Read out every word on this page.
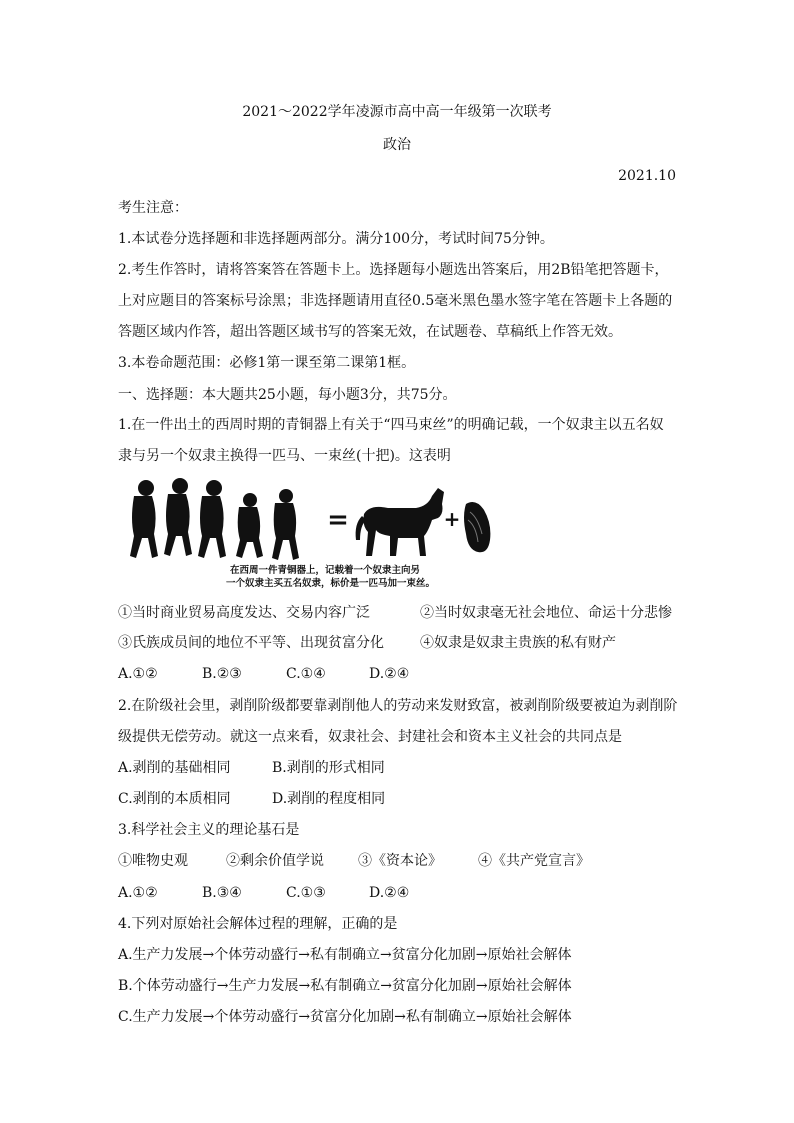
2021～2022学年凌源市高中高一年级第一次联考
政治
2021.10
考生注意：
1.本试卷分选择题和非选择题两部分。满分100分，考试时间75分钟。
2.考生作答时，请将答案答在答题卡上。选择题每小题选出答案后，用2B铅笔把答题卡，
上对应题目的答案标号涂黑；非选择题请用直径0.5毫米黑色墨水签字笔在答题卡上各题的
答题区域内作答，超出答题区域书写的答案无效，在试题卷、草稿纸上作答无效。
3.本卷命题范围：必修1第一课至第二课第1框。
一、选择题：本大题共25小题，每小题3分，共75分。
1.在一件出土的西周时期的青铜器上有关于“四马束丝”的明确记载，一个奴隶主以五名奴
隶与另一个奴隶主换得一匹马、一束丝(十把)。这表明
=	+
在西周一件青铜器上，记载着一个奴隶主向另
一个奴隶主买五名奴隶，标价是一匹马加一束丝。
①当时商业贸易高度发达、交易内容广泛	②当时奴隶毫无社会地位、命运十分悲惨
③氏族成员间的地位不平等、出现贫富分化	④奴隶是奴隶主贵族的私有财产
A.①②	B.②③	C.①④	D.②④
2.在阶级社会里，剥削阶级都要靠剥削他人的劳动来发财致富，被剥削阶级要被迫为剥削阶
级提供无偿劳动。就这一点来看，奴隶社会、封建社会和资本主义社会的共同点是
A.剥削的基础相同	B.剥削的形式相同
C.剥削的本质相同	D.剥削的程度相同
3.科学社会主义的理论基石是
①唯物史观	②剩余价值学说 ③《资本论》	④《共产党宣言》
A.①②	B.③④	C.①③	D.②④
4.下列对原始社会解体过程的理解，正确的是
A.生产力发展→个体劳动盛行→私有制确立→贫富分化加剧→原始社会解体
B.个体劳动盛行→生产力发展→私有制确立→贫富分化加剧→原始社会解体
C.生产力发展→个体劳动盛行→贫富分化加剧→私有制确立→原始社会解体
